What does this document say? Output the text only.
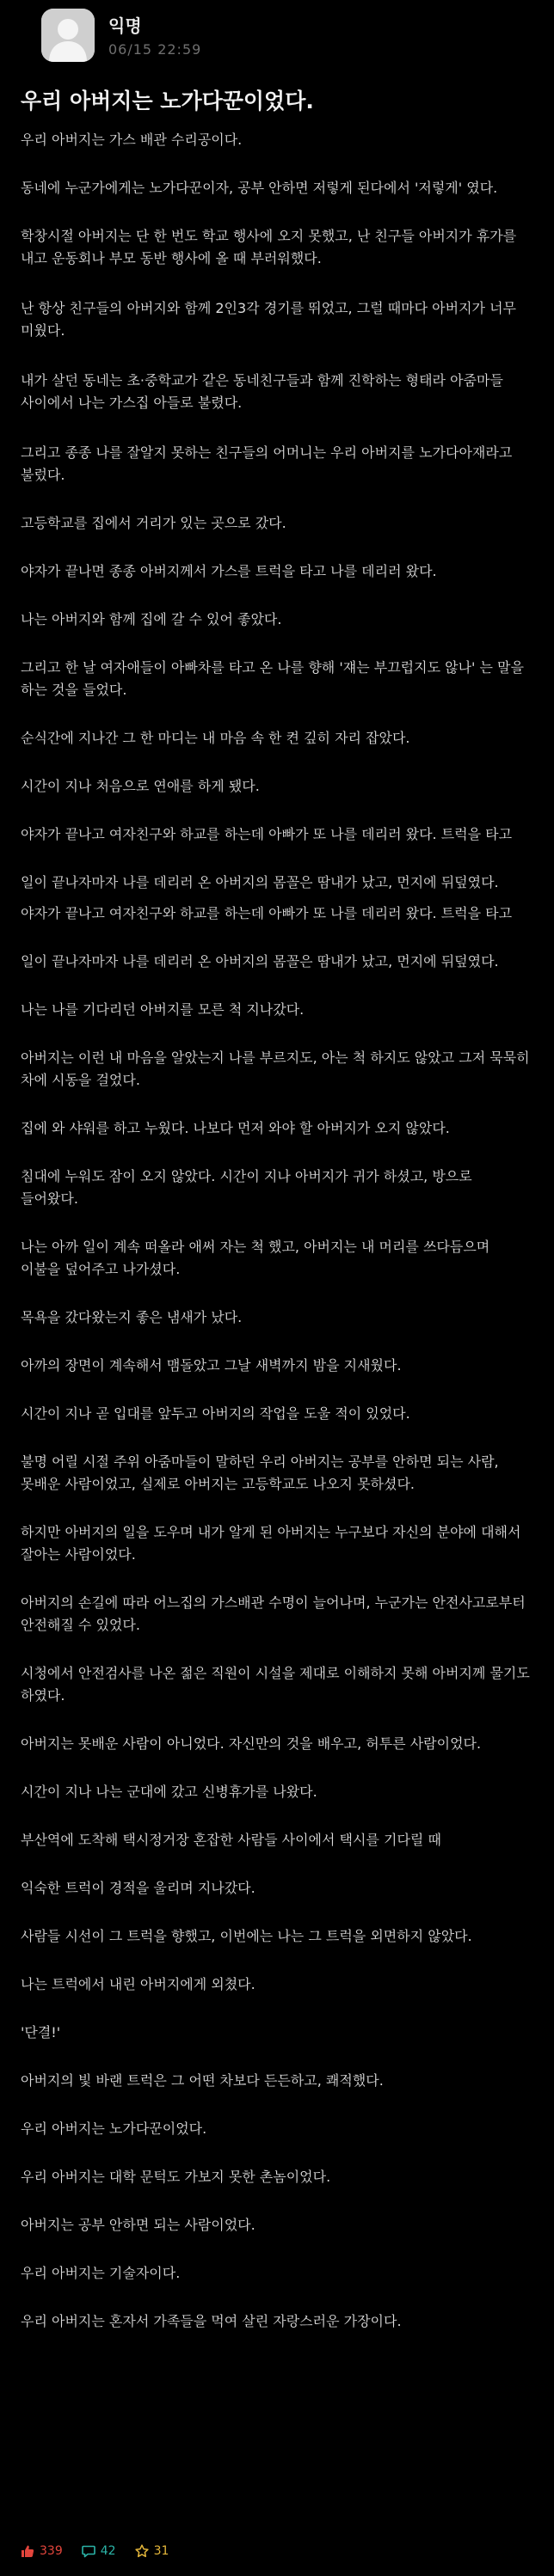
익명
06/15 22:59
우리 아버지는 노가다꾼이었다.

우리 아버지는 가스 배관 수리공이다.

동네에 누군가에게는 노가다꾼이자, 공부 안하면 저렇게 된다에서 '저렇게' 였다.

학창시절 아버지는 단 한 번도 학교 행사에 오지 못했고, 난 친구들 아버지가 휴가를 내고 운동회나 부모 동반 행사에 올 때 부러워했다.

난 항상 친구들의 아버지와 함께 2인3각 경기를 뛰었고, 그럴 때마다 아버지가 너무 미웠다.

내가 살던 동네는 초·중학교가 같은 동네친구들과 함께 진학하는 형태라 아줌마들 사이에서 나는 가스집 아들로 불렸다.

그리고 종종 나를 잘알지 못하는 친구들의 어머니는 우리 아버지를 노가다아재라고 불렀다.

고등학교를 집에서 거리가 있는 곳으로 갔다.

야자가 끝나면 종종 아버지께서 가스를 트럭을 타고 나를 데리러 왔다.

나는 아버지와 함께 집에 갈 수 있어 좋았다.

그리고 한 날 여자애들이 아빠차를 타고 온 나를 향해 '쟤는 부끄럽지도 않나' 는 말을 하는 것을 들었다.

순식간에 지나간 그 한 마디는 내 마음 속 한 켠 깊히 자리 잡았다.

시간이 지나 처음으로 연애를 하게 됐다.

야자가 끝나고 여자친구와 하교를 하는데 아빠가 또 나를 데리러 왔다. 트럭을 타고

일이 끝나자마자 나를 데리러 온 아버지의 몸꼴은 땀내가 났고, 먼지에 뒤덮였다.

야자가 끝나고 여자친구와 하교를 하는데 아빠가 또 나를 데리러 왔다. 트럭을 타고

일이 끝나자마자 나를 데리러 온 아버지의 몸꼴은 땀내가 났고, 먼지에 뒤덮였다.

나는 나를 기다리던 아버지를 모른 척 지나갔다.

아버지는 이런 내 마음을 알았는지 나를 부르지도, 아는 척 하지도 않았고 그저 묵묵히 차에 시동을 걸었다.

집에 와 샤워를 하고 누웠다. 나보다 먼저 와야 할 아버지가 오지 않았다.

침대에 누워도 잠이 오지 않았다. 시간이 지나 아버지가 귀가 하셨고, 방으로 들어왔다.

나는 아까 일이 계속 떠올라 애써 자는 척 했고, 아버지는 내 머리를 쓰다듬으며 이불을 덮어주고 나가셨다.

목욕을 갔다왔는지 좋은 냄새가 났다.

아까의 장면이 계속해서 맴돌았고 그날 새벽까지 밤을 지새웠다.

시간이 지나 곧 입대를 앞두고 아버지의 작업을 도울 적이 있었다.

불명 어릴 시절 주위 아줌마들이 말하던 우리 아버지는 공부를 안하면 되는 사람, 못배운 사람이었고, 실제로 아버지는 고등학교도 나오지 못하셨다.

하지만 아버지의 일을 도우며 내가 알게 된 아버지는 누구보다 자신의 분야에 대해서 잘아는 사람이었다.

아버지의 손길에 따라 어느집의 가스배관 수명이 늘어나며, 누군가는 안전사고로부터 안전해질 수 있었다.

시청에서 안전검사를 나온 젊은 직원이 시설을 제대로 이해하지 못해 아버지께 물기도 하였다.

아버지는 못배운 사람이 아니었다. 자신만의 것을 배우고, 허투른 사람이었다.

시간이 지나 나는 군대에 갔고 신병휴가를 나왔다.

부산역에 도착해 택시정거장 혼잡한 사람들 사이에서 택시를 기다릴 때

익숙한 트럭이 경적을 울리며 지나갔다.

사람들 시선이 그 트럭을 향했고, 이번에는 나는 그 트럭을 외면하지 않았다.

나는 트럭에서 내린 아버지에게 외쳤다.

'단결!'

아버지의 빛 바랜 트럭은 그 어떤 차보다 든든하고, 쾌적했다.

우리 아버지는 노가다꾼이었다.

우리 아버지는 대학 문턱도 가보지 못한 촌놈이었다.

아버지는 공부 안하면 되는 사람이었다.

우리 아버지는 기술자이다.

우리 아버지는 혼자서 가족들을 먹여 살린 자랑스러운 가장이다.

339	42	31
